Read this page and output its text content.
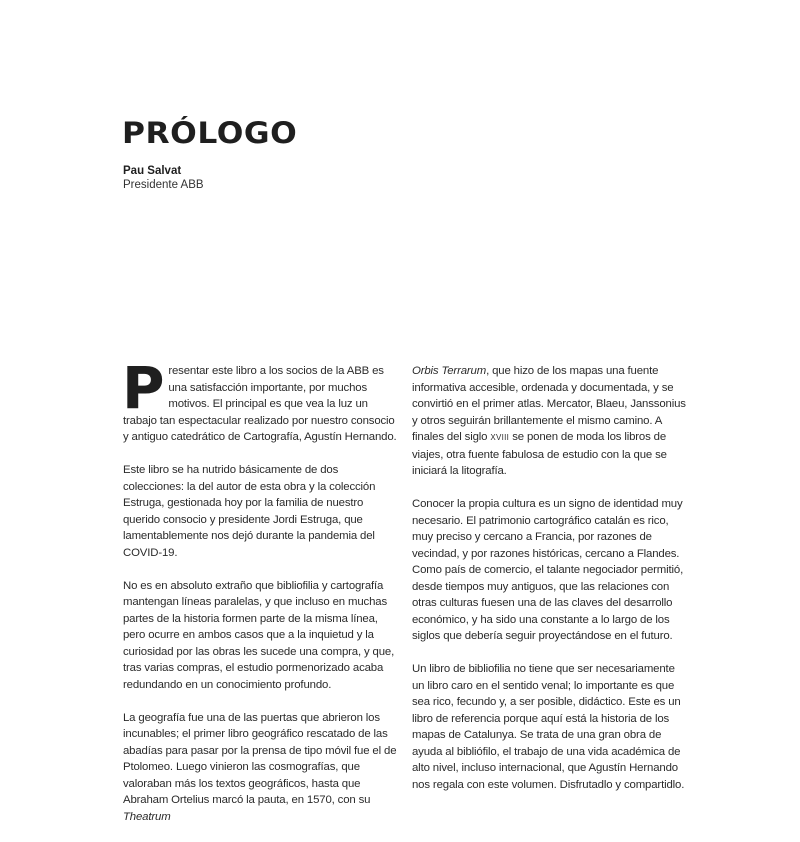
PRÓLOGO
Pau Salvat
Presidente ABB

Presentar este libro a los socios de la ABB es una satisfacción importante, por muchos motivos. El principal es que vea la luz un trabajo tan espectacular realizado por nuestro consocio y antiguo catedrático de Cartografía, Agustín Hernando.

Este libro se ha nutrido básicamente de dos colecciones: la del autor de esta obra y la colección Estruga, gestionada hoy por la familia de nuestro querido consocio y presidente Jordi Estruga, que lamentablemente nos dejó durante la pandemia del COVID-19.

No es en absoluto extraño que bibliofilia y cartografía mantengan líneas paralelas, y que incluso en muchas partes de la historia formen parte de la misma línea, pero ocurre en ambos casos que a la inquietud y la curiosidad por las obras les sucede una compra, y que, tras varias compras, el estudio pormenorizado acaba redundando en un conocimiento profundo.

La geografía fue una de las puertas que abrieron los incunables; el primer libro geográfico rescatado de las abadías para pasar por la prensa de tipo móvil fue el de Ptolomeo. Luego vinieron las cosmografías, que valoraban más los textos geográficos, hasta que Abraham Ortelius marcó la pauta, en 1570, con su Theatrum

Orbis Terrarum, que hizo de los mapas una fuente informativa accesible, ordenada y documentada, y se convirtió en el primer atlas. Mercator, Blaeu, Janssonius y otros seguirán brillantemente el mismo camino. A finales del siglo XVIII se ponen de moda los libros de viajes, otra fuente fabulosa de estudio con la que se iniciará la litografía.

Conocer la propia cultura es un signo de identidad muy necesario. El patrimonio cartográfico catalán es rico, muy preciso y cercano a Francia, por razones de vecindad, y por razones históricas, cercano a Flandes. Como país de comercio, el talante negociador permitió, desde tiempos muy antiguos, que las relaciones con otras culturas fuesen una de las claves del desarrollo económico, y ha sido una constante a lo largo de los siglos que debería seguir proyectándose en el futuro.

Un libro de bibliofilia no tiene que ser necesariamente un libro caro en el sentido venal; lo importante es que sea rico, fecundo y, a ser posible, didáctico. Este es un libro de referencia porque aquí está la historia de los mapas de Catalunya. Se trata de una gran obra de ayuda al bibliófilo, el trabajo de una vida académica de alto nivel, incluso internacional, que Agustín Hernando nos regala con este volumen. Disfrutadlo y compartidlo.
